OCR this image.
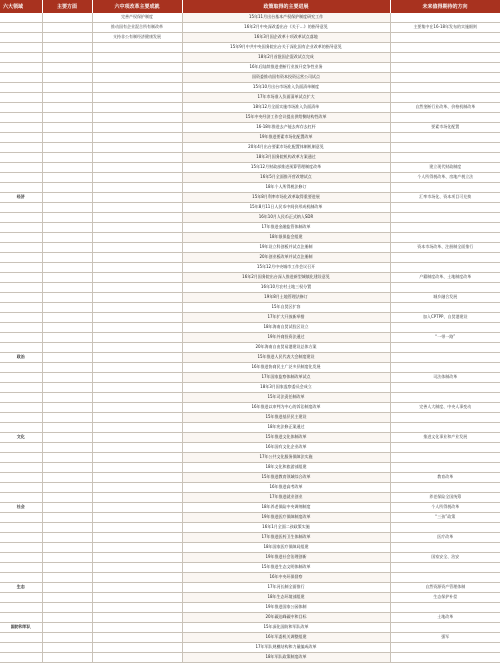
六大领域	主要方面	六中项改革主要成就	政策取得的主要进展	未来值得期待的方向
		完善产权保护制度	15年11月出台基本产权保护制度研究工作	
		推动国有企业混合所有制改革	16年2月中央深改委出台《关于…》的指导意见	主要集中在16-18年发布的实施细则
		支持非公有制经济健康发展	16年3月国企改革十项改革试点落地	
			15年9月中共中央国务院出台关于深化国有企业改革的指导意见	
			18年2月首批国企混改试点完成	
			16年后陆续推进垄断行业放开竞争性业务	
			国资委推动国有资本投资运营公司试点	
			15年10月出台市场准入负面清单制度	
			17年市场准入负面清单试点扩大	
			18年12月全面实施市场准入负面清单	自然垄断行业改革、价格机制改革
			15年中央经济工作会议提出供给侧结构性改革	
			16-18年推进去产能去库存去杠杆	要素市场化配置
			19年推进要素市场化配置改革	
			20年4月出台要素市场化配置体制机制意见	
			18年3月国务院机构改革方案通过	
			15年12月财政部推进预算管理制度改革	建立现代财政制度
			16年5月全面推开营改增试点	个人所得税改革、房地产税立法
			18年个人所得税法修订	
经济			15年8月利率市场化改革取得重要进展	汇率市场化、资本项目可兑换
			15年8月11日人民币中间价形成机制改革	
			16年10月人民币正式纳入SDR	
			17年推进金融监管体制改革	
			18年银保监会组建	
			19年设立科创板并试点注册制	资本市场改革、注册制全面推行
			20年创业板改革并试点注册制	
			15年12月中央城市工作会议召开	
			16年2月国务院出台深入推进新型城镇化建设意见	户籍制度改革、土地制度改革
			16年10月农村土地三权分置	
			19年8月土地管理法修订	城乡融合发展
			15年自贸区扩容	
			17年扩大开放新举措	加入CPTPP、自贸港建设
			18年海南自贸试验区设立	
			19年外商投资法通过	“一带一路”
			20年海南自由贸易港建设总体方案	
政治			15年推进人民代表大会制度建设	
			16年推进协商民主广泛多层制度化发展	
			17年国家监察体制改革试点	司法体制改革
			18年3月国家监察委员会成立	
			15年司法责任制改革	
			16年推进以审判为中心的诉讼制度改革	完善人大制度、中央人事变动
			15年推进基层民主建设	
			18年宪法修正案通过	
文化			15年推进文化体制改革	推进文化事业和产业发展
			16年国有文化企业改革	
			17年公共文化服务保障法实施	
			18年文化和旅游部组建	
			15年推进教育领域综合改革	教育改革
			16年推进高考改革	
			17年推进就业创业	养老保险全国统筹
社会			18年养老保险中央调剂制度	个人所得税改革
			19年推进医疗保障制度改革	“三孩”政策
			16年1月全面二孩政策实施	
			17年推进医药卫生体制改革	医疗改革
			18年国家医疗保障局组建	
			19年推进社会治理创新	国家安全、治安
			15年推进生态文明体制改革	
			16年中央环保督察	
生态			17年河长制全面推行	自然资源资产管理体制
			18年生态环境部组建	生态保护补偿
			19年推进国家公园体制	
			20年碳达峰碳中和目标	土地改革
国防和军队			15年深化国防和军队改革	
			16年军委机关调整组建	强军
			17年军队规模结构和力量编成改革	
			18年军队政策制度改革	
